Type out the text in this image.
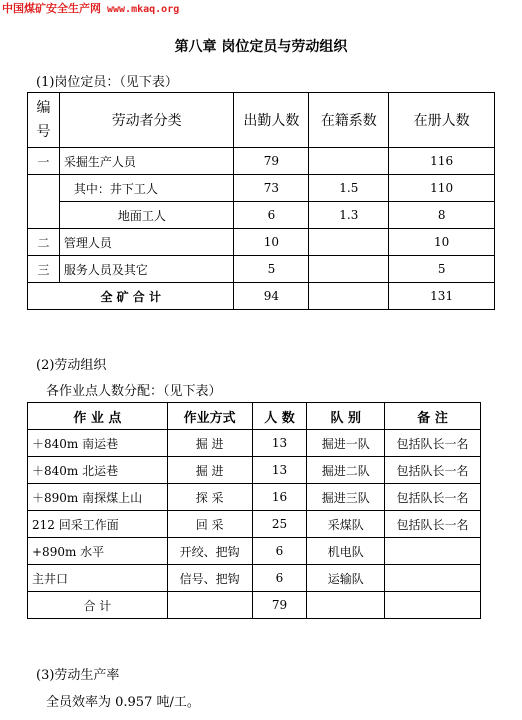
中国煤矿安全生产网 www.mkaq.org
第八章 岗位定员与劳动组织
(1)岗位定员：（见下表）
编
号	劳动者分类	出勤人数	在籍系数	在册人数
一	采掘生产人员	79		116
	其中：井下工人	73	1.5	110
	地面工人	6	1.3	8
二	管理人员	10		10
三	服务人员及其它	5		5
全 矿 合 计		94		131
(2)劳动组织
各作业点人数分配：（见下表）
作 业 点	作业方式	人 数	队 别	备 注
＋840m 南运巷	掘 进	13	掘进一队	包括队长一名
＋840m 北运巷	掘 进	13	掘进二队	包括队长一名
＋890m 南探煤上山	探 采	16	掘进三队	包括队长一名
212 回采工作面	回 采	25	采煤队	包括队长一名
+890m 水平	开绞、把钩	6	机电队	
主井口	信号、把钩	6	运输队	
合 计		79		
(3)劳动生产率
全员效率为 0.957 吨/工。
